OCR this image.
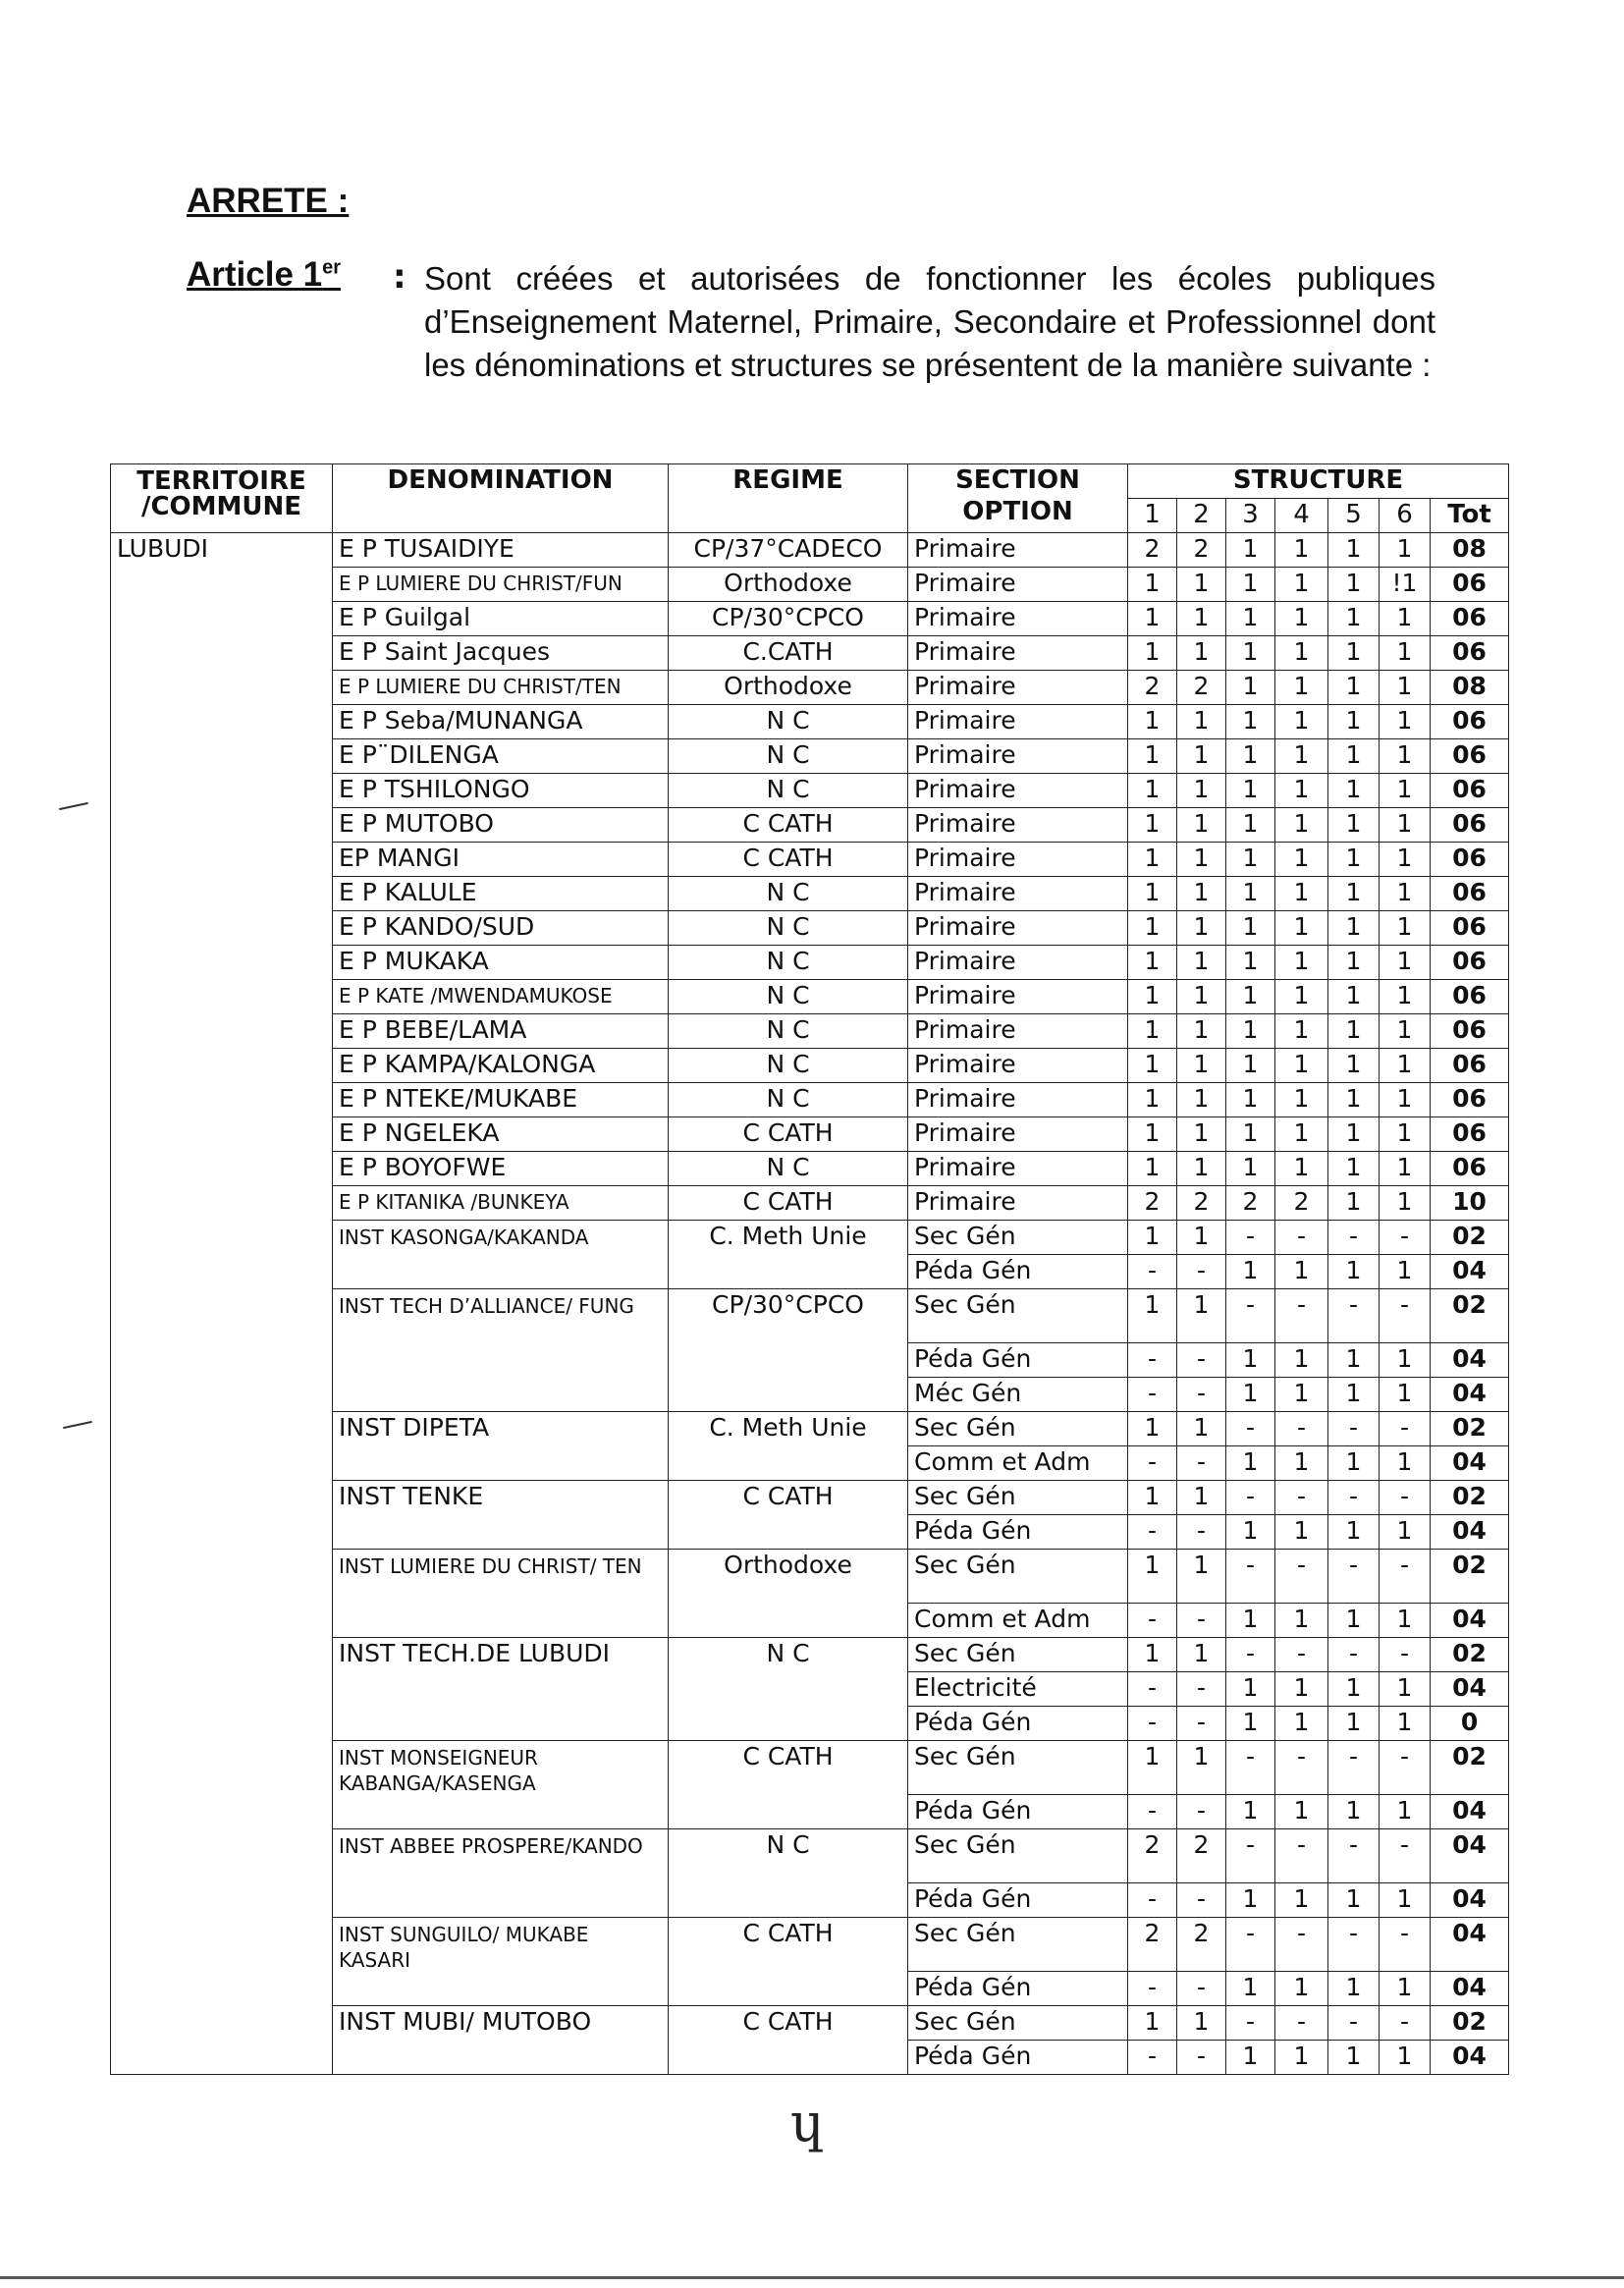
ARRETE :
Article 1er : Sont créées et autorisées de fonctionner les écoles publiques d’Enseignement Maternel, Primaire, Secondaire et Professionnel dont les dénominations et structures se présentent de la manière suivante :
TERRITOIRE /COMMUNE	DENOMINATION	REGIME	SECTION OPTION	STRUCTURE						
				1	2	3	4	5	6	Tot
LUBUDI	E P TUSAIDIYE	CP/37°CADECO	Primaire	2	2	1	1	1	1	08
	E P LUMIERE DU CHRIST/FUN	Orthodoxe	Primaire	1	1	1	1	1	!1	06
	E P Guilgal	CP/30°CPCO	Primaire	1	1	1	1	1	1	06
	E P Saint Jacques	C.CATH	Primaire	1	1	1	1	1	1	06
	E P LUMIERE DU CHRIST/TEN	Orthodoxe	Primaire	2	2	1	1	1	1	08
	E P Seba/MUNANGA	N C	Primaire	1	1	1	1	1	1	06
	E P¨DILENGA	N C	Primaire	1	1	1	1	1	1	06
	E P TSHILONGO	N C	Primaire	1	1	1	1	1	1	06
	E P MUTOBO	C CATH	Primaire	1	1	1	1	1	1	06
	EP MANGI	C CATH	Primaire	1	1	1	1	1	1	06
	E P KALULE	N C	Primaire	1	1	1	1	1	1	06
	E P KANDO/SUD	N C	Primaire	1	1	1	1	1	1	06
	E P MUKAKA	N C	Primaire	1	1	1	1	1	1	06
	E P KATE /MWENDAMUKOSE	N C	Primaire	1	1	1	1	1	1	06
	E P BEBE/LAMA	N C	Primaire	1	1	1	1	1	1	06
	E P KAMPA/KALONGA	N C	Primaire	1	1	1	1	1	1	06
	E P NTEKE/MUKABE	N C	Primaire	1	1	1	1	1	1	06
	E P NGELEKA	C CATH	Primaire	1	1	1	1	1	1	06
	E P BOYOFWE	N C	Primaire	1	1	1	1	1	1	06
	E P KITANIKA /BUNKEYA	C CATH	Primaire	2	2	2	2	1	1	10
	INST KASONGA/KAKANDA	C. Meth Unie	Sec Gén	1	1	-	-	-	-	02
			Péda Gén	-	-	1	1	1	1	04
	INST TECH D’ALLIANCE/ FUNG	CP/30°CPCO	Sec Gén	1	1	-	-	-	-	02
			Péda Gén	-	-	1	1	1	1	04
			Méc Gén	-	-	1	1	1	1	04
	INST DIPETA	C. Meth Unie	Sec Gén	1	1	-	-	-	-	02
			Comm et Adm	-	-	1	1	1	1	04
	INST TENKE	C CATH	Sec Gén	1	1	-	-	-	-	02
			Péda Gén	-	-	1	1	1	1	04
	INST LUMIERE DU CHRIST/ TEN	Orthodoxe	Sec Gén	1	1	-	-	-	-	02
			Comm et Adm	-	-	1	1	1	1	04
	INST TECH.DE LUBUDI	N C	Sec Gén	1	1	-	-	-	-	02
			Electricité	-	-	1	1	1	1	04
			Péda Gén	-	-	1	1	1	1	0
	INST MONSEIGNEUR KABANGA/KASENGA	C CATH	Sec Gén	1	1	-	-	-	-	02
			Péda Gén	-	-	1	1	1	1	04
	INST ABBEE PROSPERE/KANDO	N C	Sec Gén	2	2	-	-	-	-	04
			Péda Gén	-	-	1	1	1	1	04
	INST SUNGUILO/ MUKABE KASARI	C CATH	Sec Gén	2	2	-	-	-	-	04
			Péda Gén	-	-	1	1	1	1	04
	INST MUBI/ MUTOBO	C CATH	Sec Gén	1	1	-	-	-	-	02
			Péda Gén	-	-	1	1	1	1	04
ɥ
